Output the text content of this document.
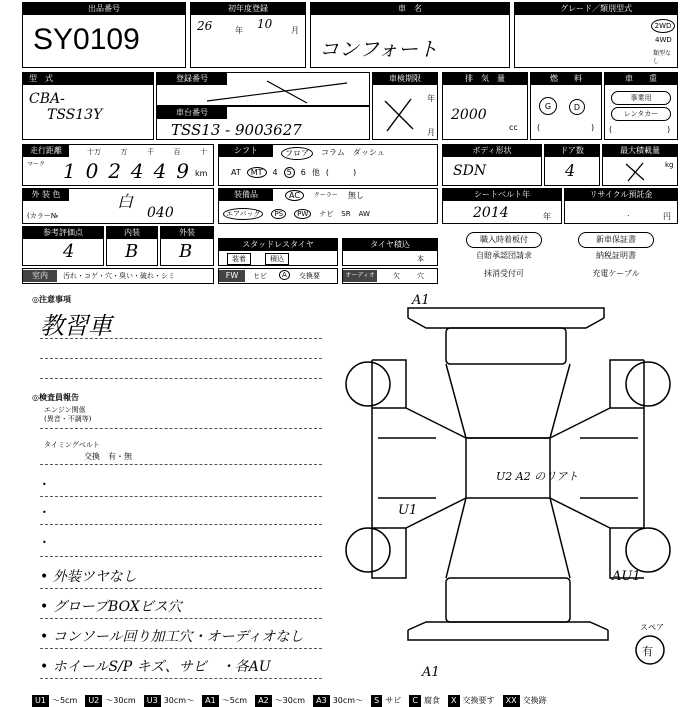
出品番号
SY0109
初年度登録
26	年 10 月
車　名
コンフォート
グレード／類別型式
2WD
4WD
類型なし
型　式
CBA-
TSS13Y
登録番号
車台番号
TSS13 - 9003627
車検期限
年
月
排　気　量
2000
cc
燃　　料
G	D
(	)
車　　重
事業用
レンタカー
(	)
走行距離
マーク
十万	万	千	百	十
1 0 2 4 4 9 km
シフト	フロア	コラム ダッシュ
AT	MT	4	5	6 他 (　　　)
ボディ形状
SDN
ドア数
4
最大積載量
kg
外 装 色	白
(カラー№	040
装備品	AC	クーラー 無し
エアバッグ	PS	PW	ナビ SR AW
シートベルト年
2014	年
リサイクル預託金
.	円
参考評価点
4
内装
B
外装
B	スタッドレスタイヤ
装着	積込
タイヤ積込
本
職入時着板付	新車保証書
自賠承認団請求	納税証明書
抹消受付可	充電ケーブル
室内	汚れ・コゲ・穴・臭い・破れ・シミ	FW	ヒビ	A	交換要	オーディオ	欠 穴
◎注意事項
教習車
◎検査員報告
エンジン関係
(異音・不調等)
タイミングベルト
交換　有・無
•
•
•
• 外装ツヤなし
• グローブBOXビス穴
• コンソール回り加工穴・オーディオなし
• ホイールS/P キズ、サビ　・各AU
A1
U2 A2 のリアト
U1
AU1
A1
スペア
有
U1 ～5cm U2 ～30cm U3 30cm～ A1 ～5cm A2 ～30cm A3 30cm～ S サビ C 腐食 X 交換要す XX 交換跡
